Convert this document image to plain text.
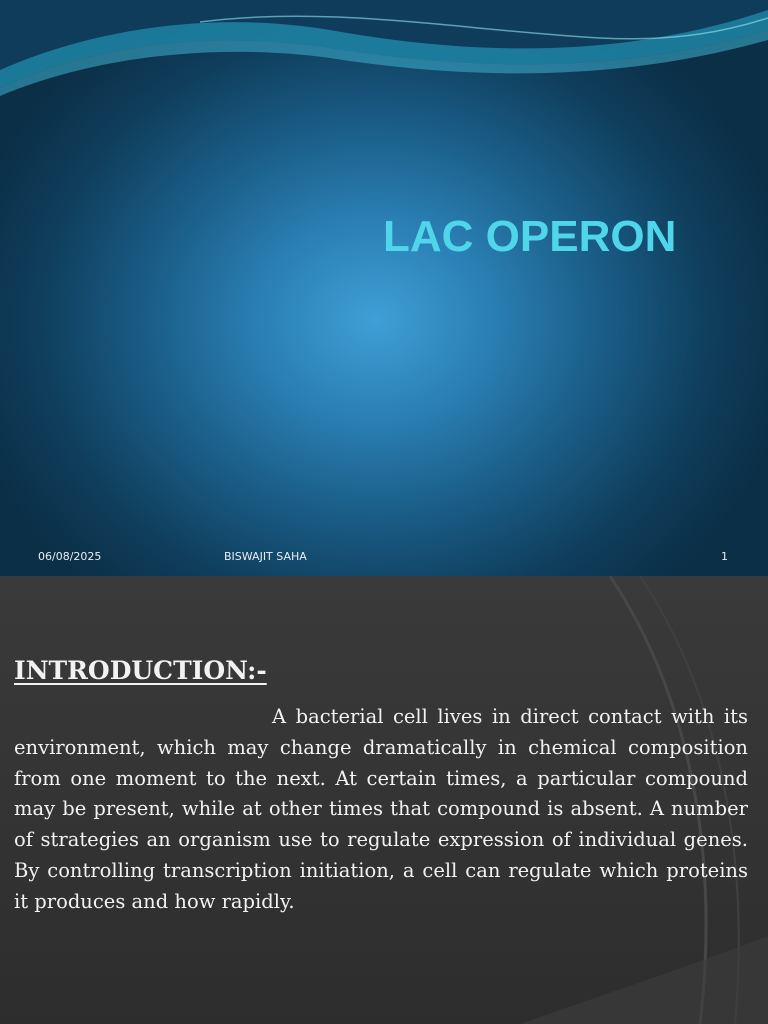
LAC OPERON
06/08/2025	BISWAJIT SAHA	1
INTRODUCTION:-

A bacterial cell lives in direct contact with its environment, which may change dramatically in chemical composition from one moment to the next. At certain times, a particular compound may be present, while at other times that compound is absent. A number of strategies an organism use to regulate expression of individual genes. By controlling transcription initiation, a cell can regulate which proteins it produces and how rapidly.
